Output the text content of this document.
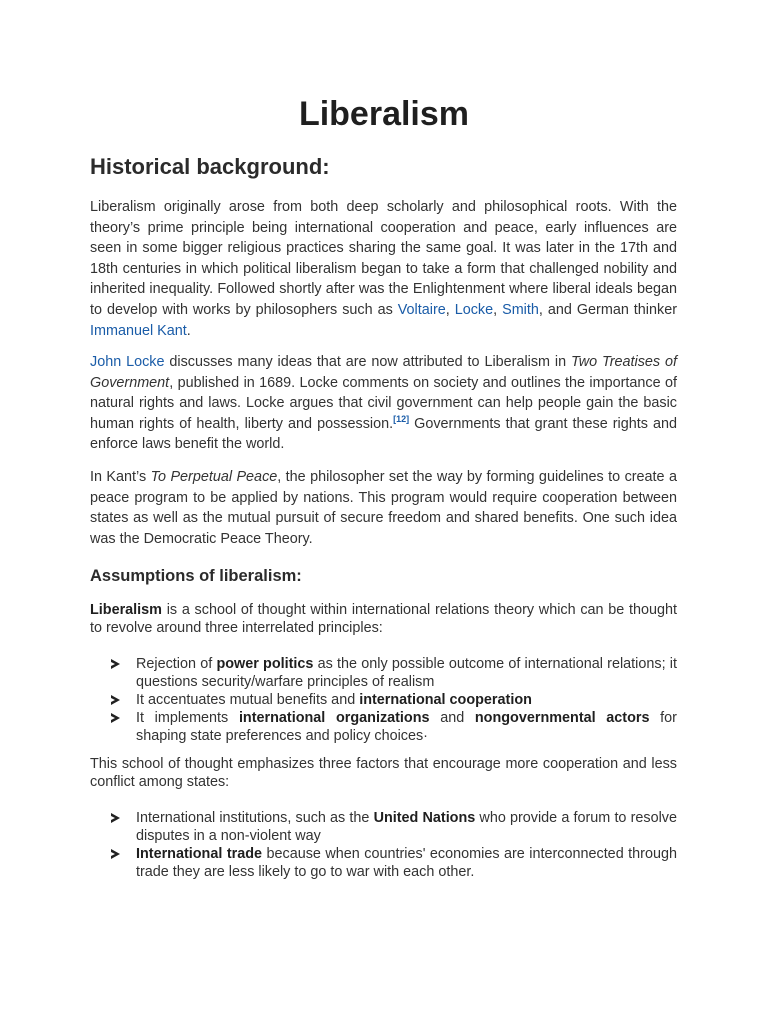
Liberalism
Historical background:
Liberalism originally arose from both deep scholarly and philosophical roots. With the theory’s prime principle being international cooperation and peace, early influences are seen in some bigger religious practices sharing the same goal. It was later in the 17th and 18th centuries in which political liberalism began to take a form that challenged nobility and inherited inequality. Followed shortly after was the Enlightenment where liberal ideals began to develop with works by philosophers such as Voltaire, Locke, Smith, and German thinker Immanuel Kant.
John Locke discusses many ideas that are now attributed to Liberalism in Two Treatises of Government, published in 1689. Locke comments on society and outlines the importance of natural rights and laws. Locke argues that civil government can help people gain the basic human rights of health, liberty and possession.[12] Governments that grant these rights and enforce laws benefit the world.
In Kant’s To Perpetual Peace, the philosopher set the way by forming guidelines to create a peace program to be applied by nations. This program would require cooperation between states as well as the mutual pursuit of secure freedom and shared benefits. One such idea was the Democratic Peace Theory.
Assumptions of liberalism:
Liberalism is a school of thought within international relations theory which can be thought to revolve around three interrelated principles:
Rejection of power politics as the only possible outcome of international relations; it questions security/warfare principles of realism
It accentuates mutual benefits and international cooperation
It implements international organizations and nongovernmental actors for shaping state preferences and policy choices·
This school of thought emphasizes three factors that encourage more cooperation and less conflict among states:
International institutions, such as the United Nations who provide a forum to resolve disputes in a non-violent way
International trade because when countries' economies are interconnected through trade they are less likely to go to war with each other.
